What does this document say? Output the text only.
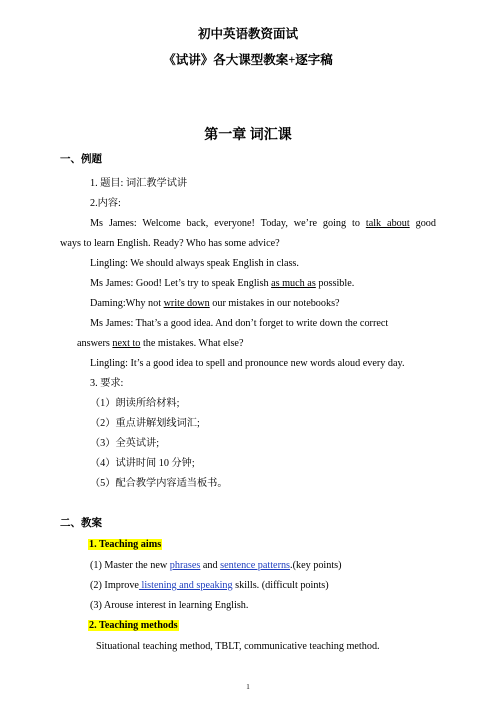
初中英语教资面试
《试讲》各大课型教案+逐字稿
第一章 词汇课
一、例题
1. 题目: 词汇教学试讲
2.内容:
Ms James: Welcome back, everyone! Today, we’re going to talk about good
ways to learn English. Ready? Who has some advice?
Lingling: We should always speak English in class.
Ms James: Good! Let’s try to speak English as much as possible.
Daming:Why not write down our mistakes in our notebooks?
Ms James: That’s a good idea. And don’t forget to write down the correct
answers next to the mistakes. What else?
Lingling: It’s a good idea to spell and pronounce new words aloud every day.
3. 要求:
（1）朗读所给材料;
（2）重点讲解划线词汇;
（3）全英试讲;
（4）试讲时间 10 分钟;
（5）配合教学内容适当板书。
二、教案
1. Teaching aims
(1) Master the new phrases and sentence patterns.(key points)
(2) Improve listening and speaking skills. (difficult points)
(3) Arouse interest in learning English.
2. Teaching methods
Situational teaching method, TBLT, communicative teaching method.
1
